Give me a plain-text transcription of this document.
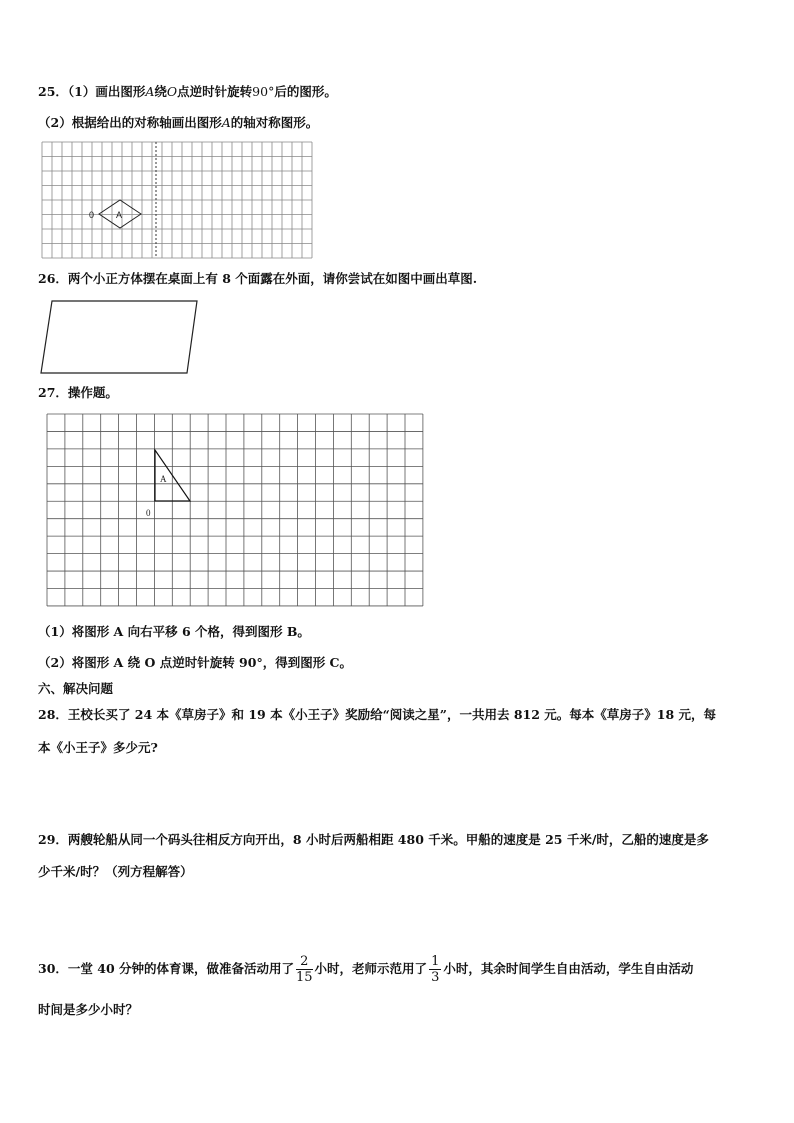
25．（1）画出图形A绕O点逆时针旋转90°后的图形。
（2）根据给出的对称轴画出图形A的轴对称图形。
A
0
26．两个小正方体摆在桌面上有 8 个面露在外面，请你尝试在如图中画出草图.
27．操作题。
A
0
（1）将图形 A 向右平移 6 个格，得到图形 B。
（2）将图形 A 绕 O 点逆时针旋转 90°，得到图形 C。
六、解决问题
28．王校长买了 24 本《草房子》和 19 本《小王子》奖励给“阅读之星”，一共用去 812 元。每本《草房子》18 元，每
本《小王子》多少元?
29．两艘轮船从同一个码头往相反方向开出，8 小时后两船相距 480 千米。甲船的速度是 25 千米/时，乙船的速度是多
少千米/时？（列方程解答）
30．一堂 40 分钟的体育课，做准备活动用了 $\frac{2}{15}$ 小时，老师示范用了 $\frac{1}{3}$ 小时，其余时间学生自由活动，学生自由活动
时间是多少小时？
